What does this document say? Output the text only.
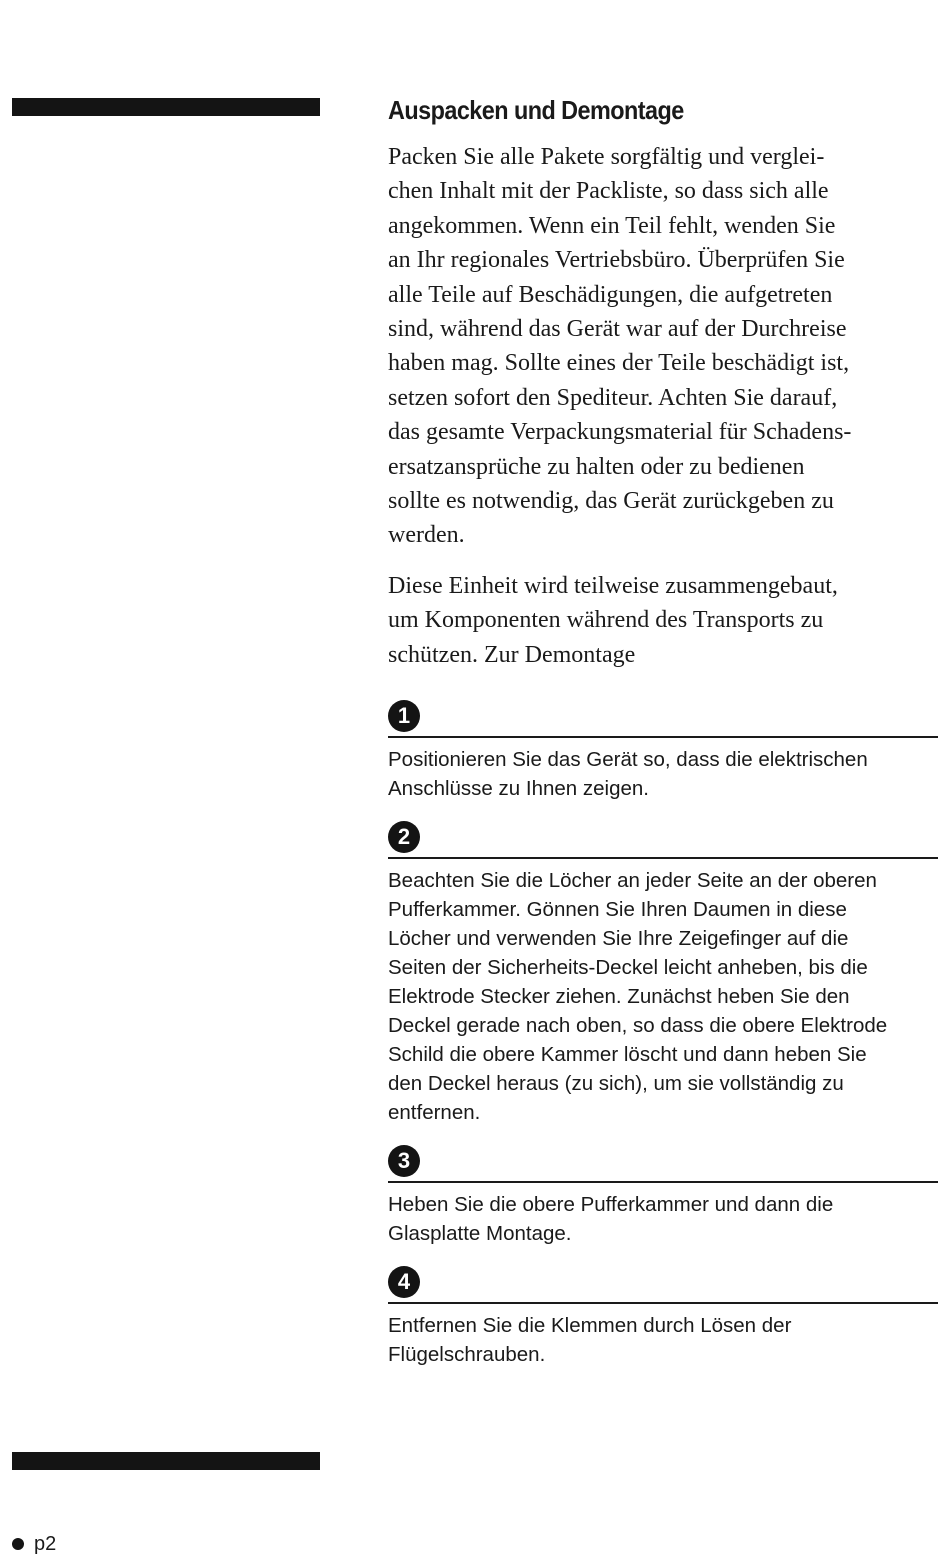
Auspacken und Demontage

Packen Sie alle Pakete sorgfältig und verglei-
chen Inhalt mit der Packliste, so dass sich alle
angekommen. Wenn ein Teil fehlt, wenden Sie
an Ihr regionales Vertriebsbüro. Überprüfen Sie
alle Teile auf Beschädigungen, die aufgetreten
sind, während das Gerät war auf der Durchreise
haben mag. Sollte eines der Teile beschädigt ist,
setzen sofort den Spediteur. Achten Sie darauf,
das gesamte Verpackungsmaterial für Schadens-
ersatzansprüche zu halten oder zu bedienen
sollte es notwendig, das Gerät zurückgeben zu
werden.

Diese Einheit wird teilweise zusammengebaut,
um Komponenten während des Transports zu
schützen. Zur Demontage

1

Positionieren Sie das Gerät so, dass die elektrischen
Anschlüsse zu Ihnen zeigen.

2

Beachten Sie die Löcher an jeder Seite an der oberen
Pufferkammer. Gönnen Sie Ihren Daumen in diese
Löcher und verwenden Sie Ihre Zeigefinger auf die
Seiten der Sicherheits-Deckel leicht anheben, bis die
Elektrode Stecker ziehen. Zunächst heben Sie den
Deckel gerade nach oben, so dass die obere Elektrode
Schild die obere Kammer löscht und dann heben Sie
den Deckel heraus (zu sich), um sie vollständig zu
entfernen.

3

Heben Sie die obere Pufferkammer und dann die
Glasplatte Montage.

4

Entfernen Sie die Klemmen durch Lösen der
Flügelschrauben.

p2
